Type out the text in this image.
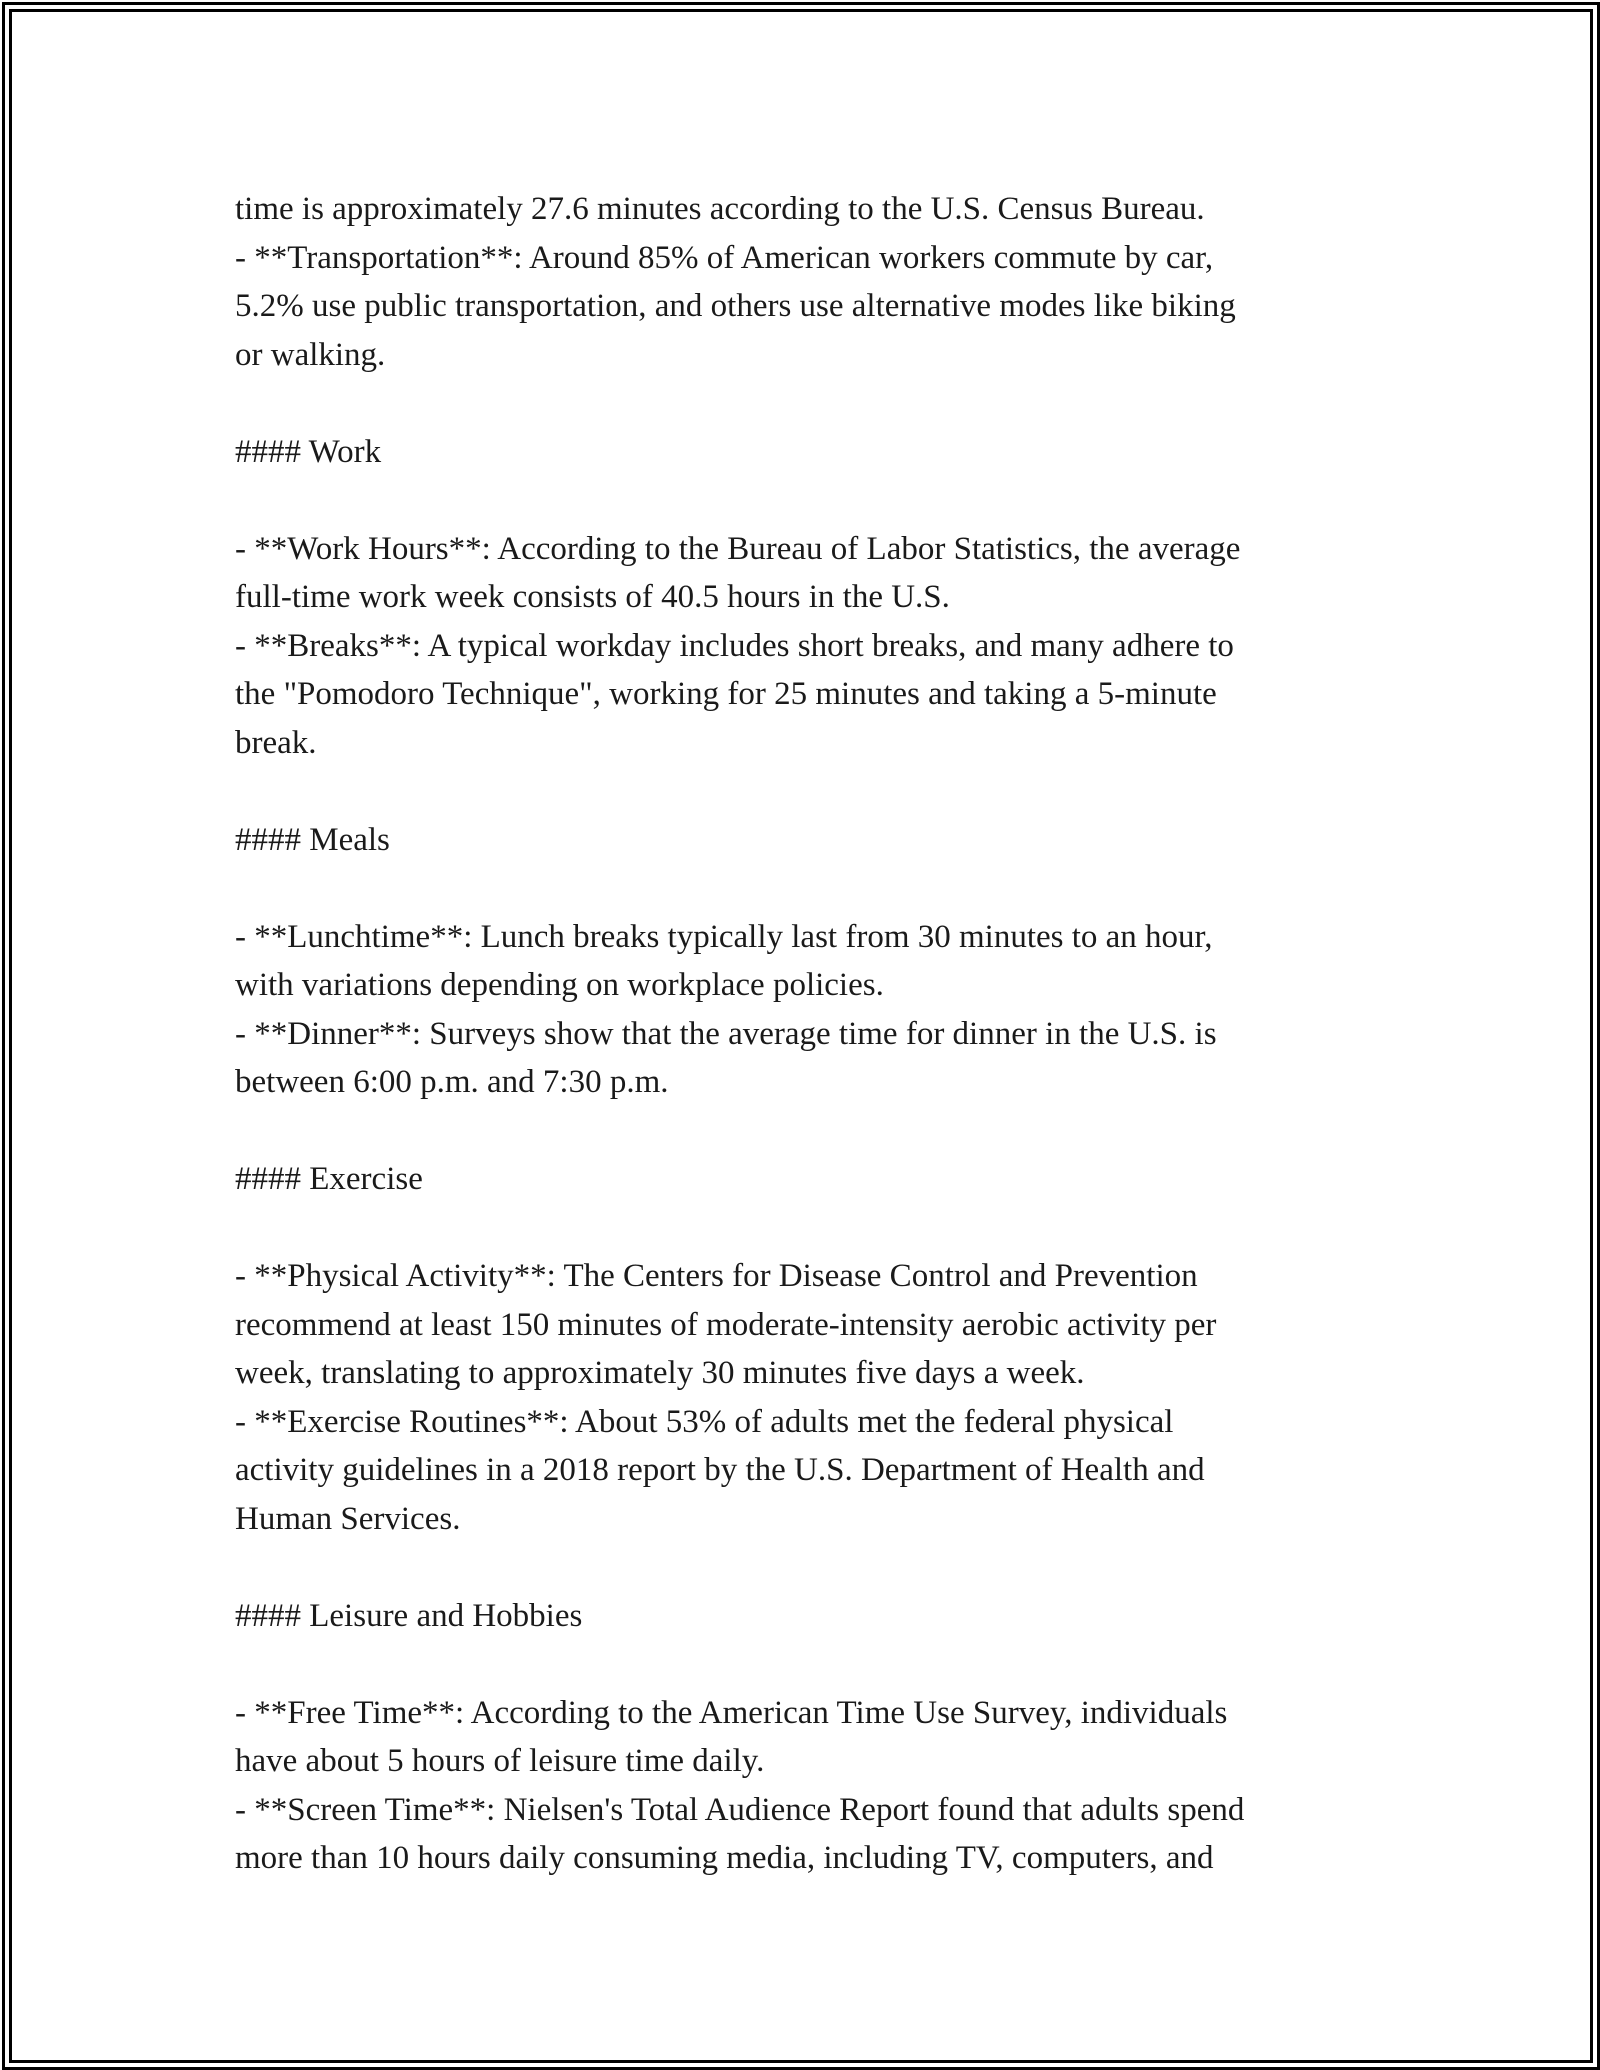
time is approximately 27.6 minutes according to the U.S. Census Bureau.
- **Transportation**: Around 85% of American workers commute by car,
5.2% use public transportation, and others use alternative modes like biking
or walking.
#### Work
- **Work Hours**: According to the Bureau of Labor Statistics, the average
full-time work week consists of 40.5 hours in the U.S.
- **Breaks**: A typical workday includes short breaks, and many adhere to
the "Pomodoro Technique", working for 25 minutes and taking a 5-minute
break.
#### Meals
- **Lunchtime**: Lunch breaks typically last from 30 minutes to an hour,
with variations depending on workplace policies.
- **Dinner**: Surveys show that the average time for dinner in the U.S. is
between 6:00 p.m. and 7:30 p.m.
#### Exercise
- **Physical Activity**: The Centers for Disease Control and Prevention
recommend at least 150 minutes of moderate-intensity aerobic activity per
week, translating to approximately 30 minutes five days a week.
- **Exercise Routines**: About 53% of adults met the federal physical
activity guidelines in a 2018 report by the U.S. Department of Health and
Human Services.
#### Leisure and Hobbies
- **Free Time**: According to the American Time Use Survey, individuals
have about 5 hours of leisure time daily.
- **Screen Time**: Nielsen's Total Audience Report found that adults spend
more than 10 hours daily consuming media, including TV, computers, and
